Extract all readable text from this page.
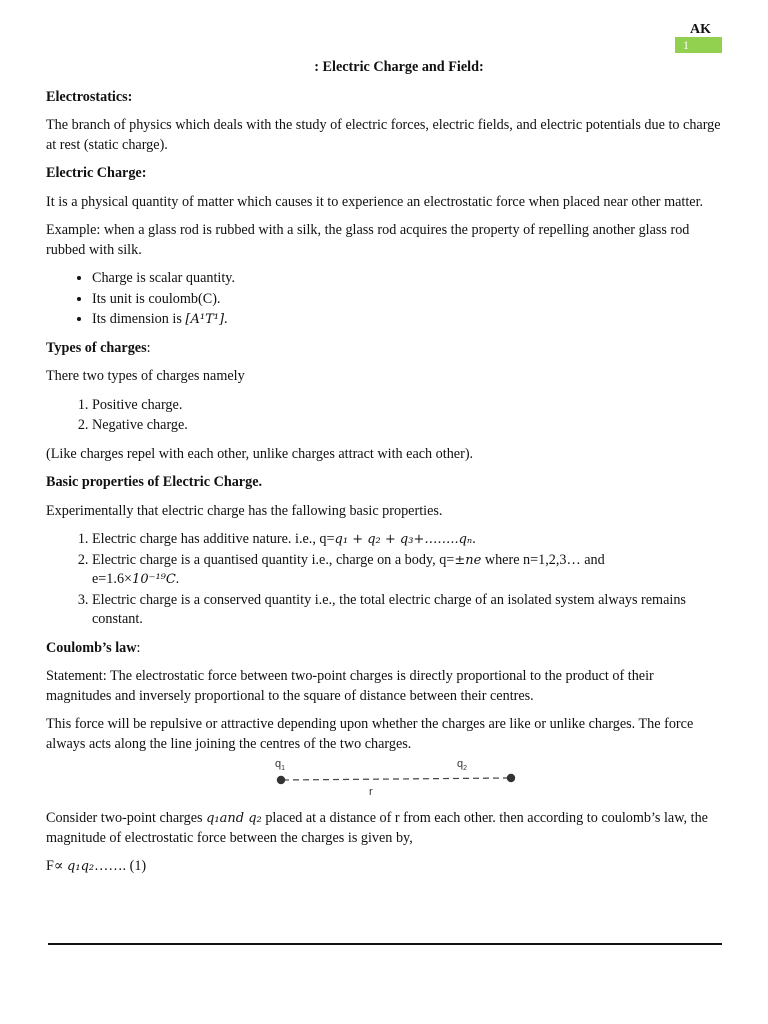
AK
1
: Electric Charge and Field:
Electrostatics:

The branch of physics which deals with the study of electric forces, electric fields, and electric potentials due to charge at rest (static charge).

Electric Charge:

It is a physical quantity of matter which causes it to experience an electrostatic force when placed near other matter.

Example: when a glass rod is rubbed with a silk, the glass rod acquires the property of repelling another glass rod rubbed with silk.

• Charge is scalar quantity.
• Its unit is coulomb(C).
• Its dimension is [A¹T¹].
Types of charges:

There two types of charges namely

1. Positive charge.
2. Negative charge.

(Like charges repel with each other, unlike charges attract with each other).

Basic properties of Electric Charge.

Experimentally that electric charge has the fallowing basic properties.

1. Electric charge has additive nature. i.e., q=q₁ + q₂ + q₃+……..qₙ.
2. Electric charge is a quantised quantity i.e., charge on a body, q=±ne where n=1,2,3… and
e=1.6×10⁻¹⁹C.
3. Electric charge is a conserved quantity i.e., the total electric charge of an isolated system always remains constant.
Coulomb’s law:

Statement: The electrostatic force between two-point charges is directly proportional to the product of their magnitudes and inversely proportional to the square of distance between their centres.

This force will be repulsive or attractive depending upon whether the charges are like or unlike charges. The force always acts along the line joining the centres of the two charges.

$q_1$	$q_2$
r

Consider two-point charges q₁and q₂ placed at a distance of r from each other. then according to coulomb’s law, the magnitude of electrostatic force between the charges is given by,

F∝ q₁q₂……. (1)
